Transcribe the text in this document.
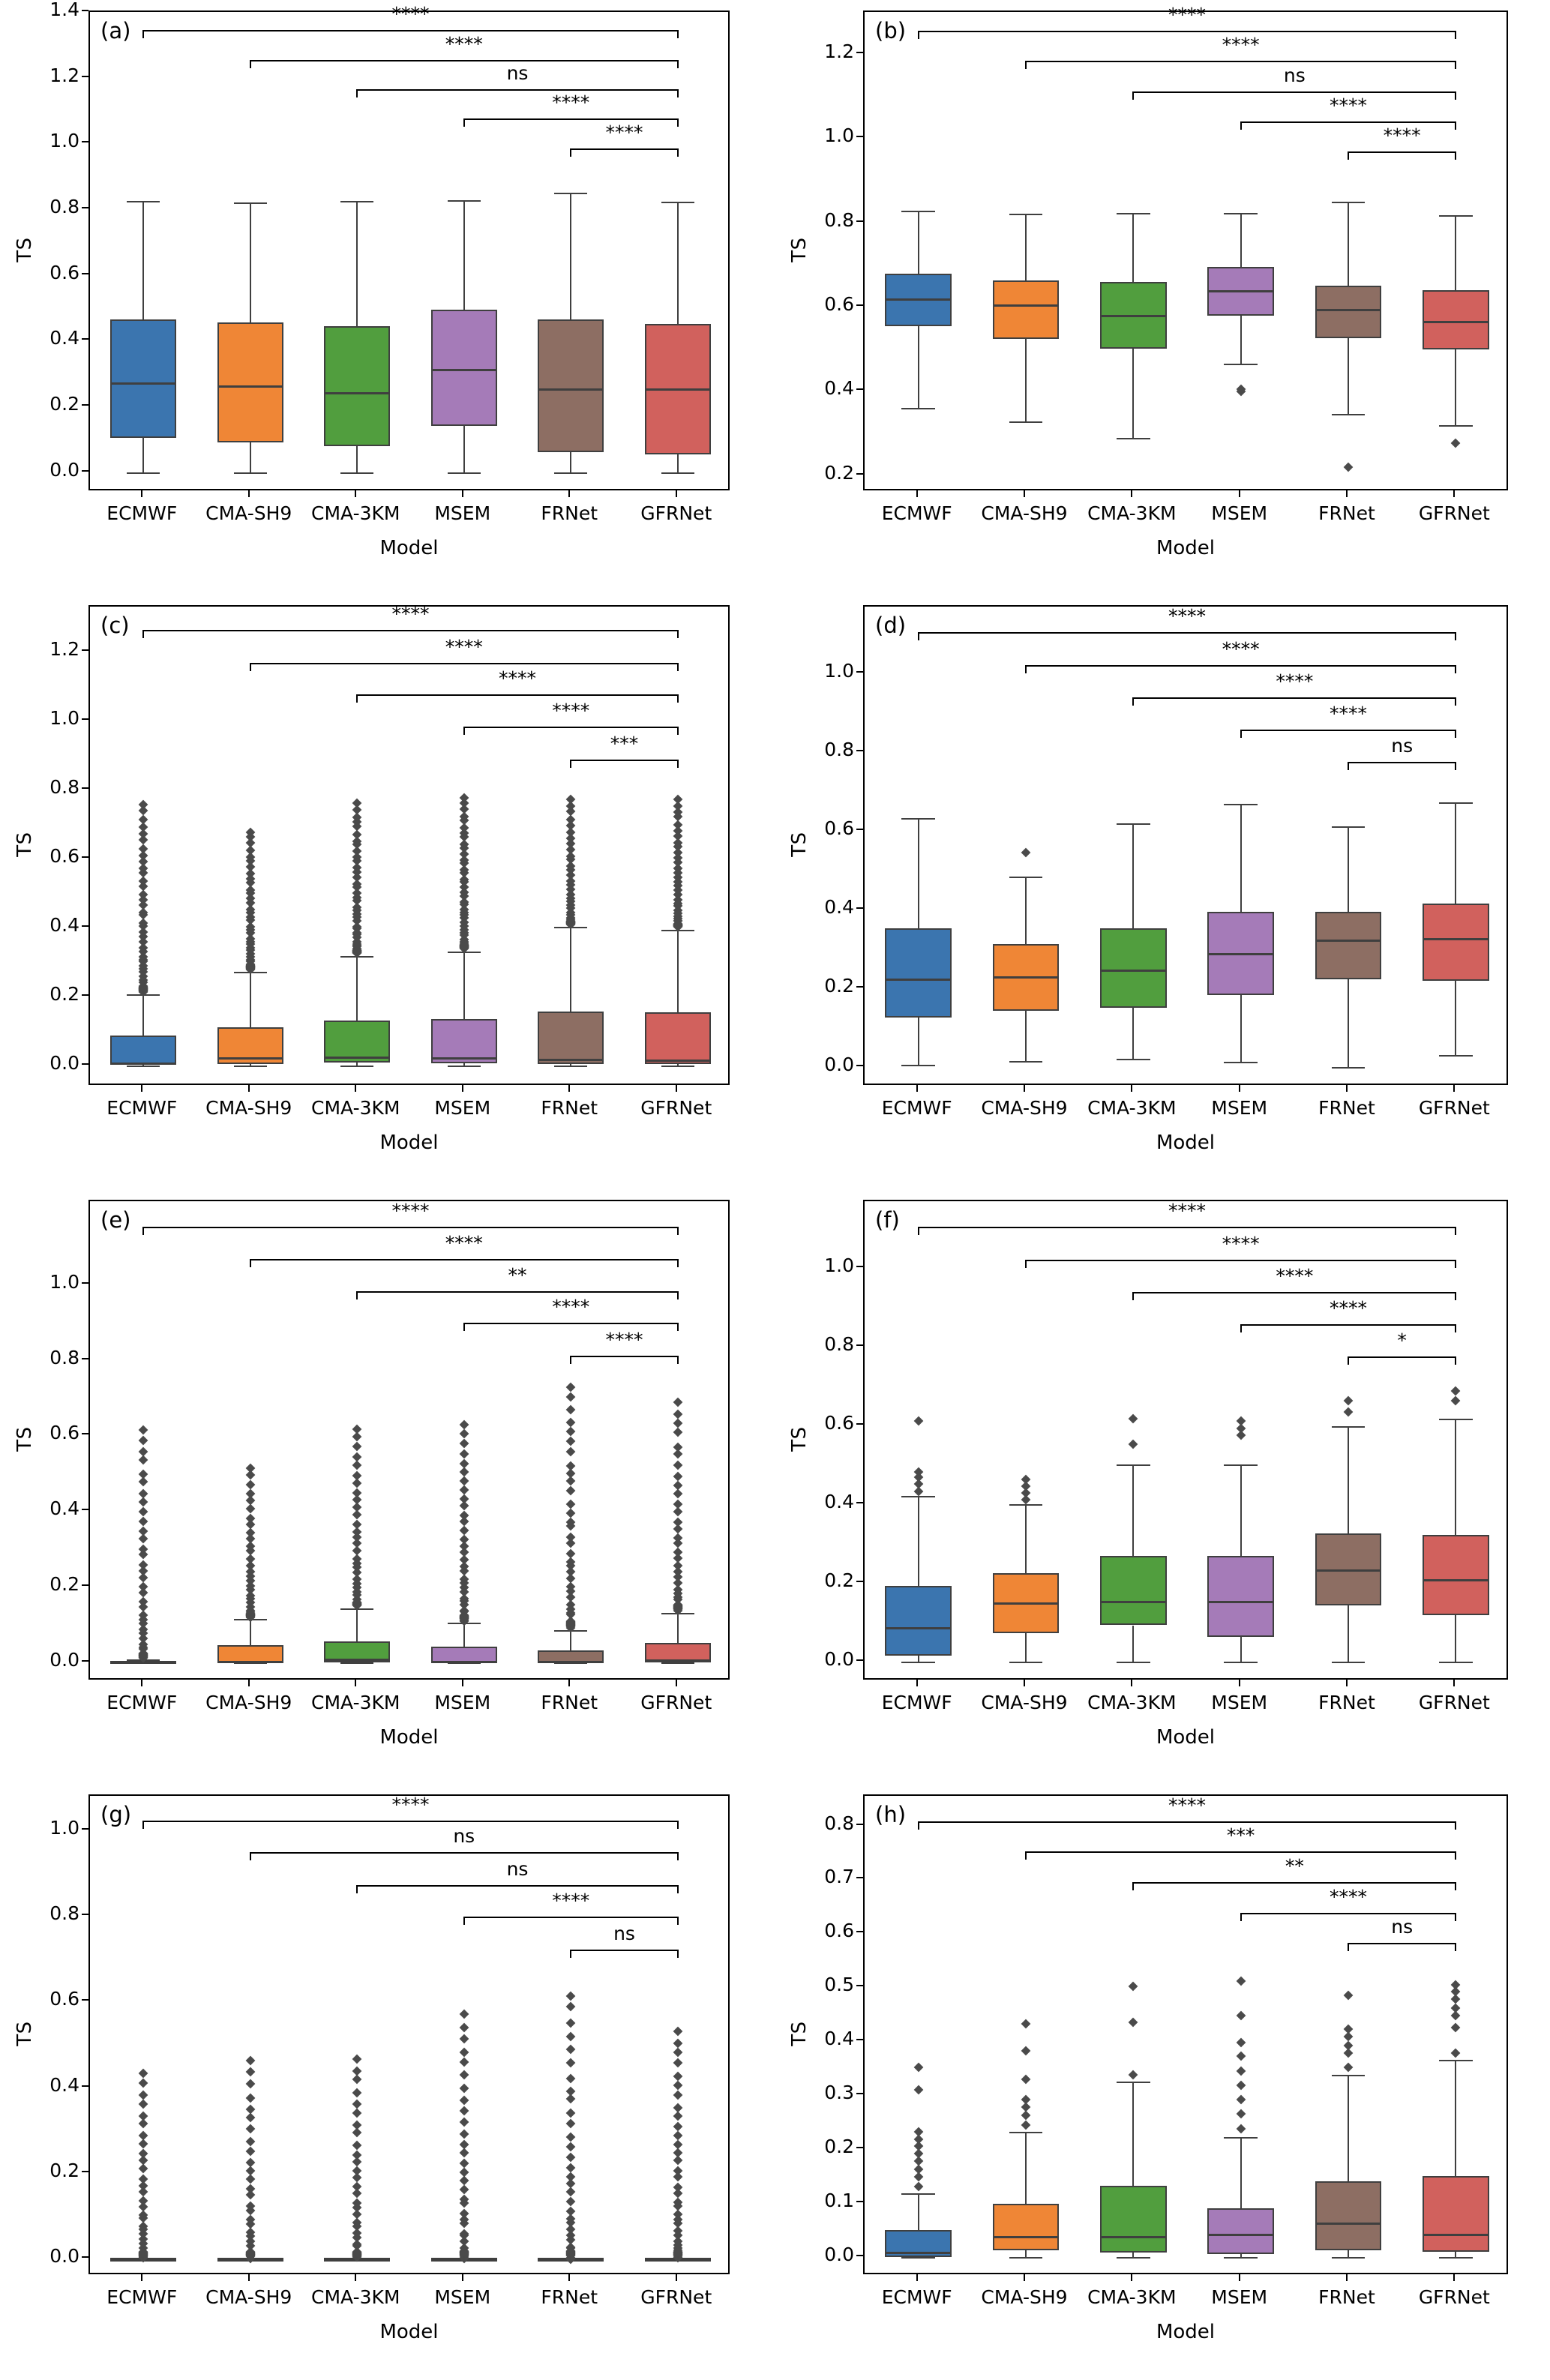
****
****
ns
****
****
(a)
0.0
0.2
0.4
0.6
0.8
1.0
1.2
1.4
ECMWF	CMA-SH9	CMA-3KM	MSEM	FRNet	GFRNet
Model
TS
****
****
ns
****
****
(b)
0.2
0.4
0.6
0.8
1.0
1.2
ECMWF	CMA-SH9	CMA-3KM	MSEM	FRNet	GFRNet
Model
TS
****
****
****
****
***
(c)
0.0
0.2
0.4
0.6
0.8
1.0
1.2
ECMWF	CMA-SH9	CMA-3KM	MSEM	FRNet	GFRNet
Model
TS
****
****
****
****
ns
(d)
0.0
0.2
0.4
0.6
0.8
1.0
ECMWF	CMA-SH9	CMA-3KM	MSEM	FRNet	GFRNet
Model
TS
****
****
**
****
****
(e)
0.0
0.2
0.4
0.6
0.8
1.0
ECMWF	CMA-SH9	CMA-3KM	MSEM	FRNet	GFRNet
Model
TS
****
****
****
****
*
(f)
0.0
0.2
0.4
0.6
0.8
1.0
ECMWF	CMA-SH9	CMA-3KM	MSEM	FRNet	GFRNet
Model
TS
****
ns
ns
****
ns
(g)
0.0
0.2
0.4
0.6
0.8
1.0
ECMWF	CMA-SH9	CMA-3KM	MSEM	FRNet	GFRNet
Model
TS
****
***
**
****
ns
(h)
0.0
0.1
0.2
0.3
0.4
0.5
0.6
0.7
0.8
ECMWF	CMA-SH9	CMA-3KM	MSEM	FRNet	GFRNet
Model
TS
